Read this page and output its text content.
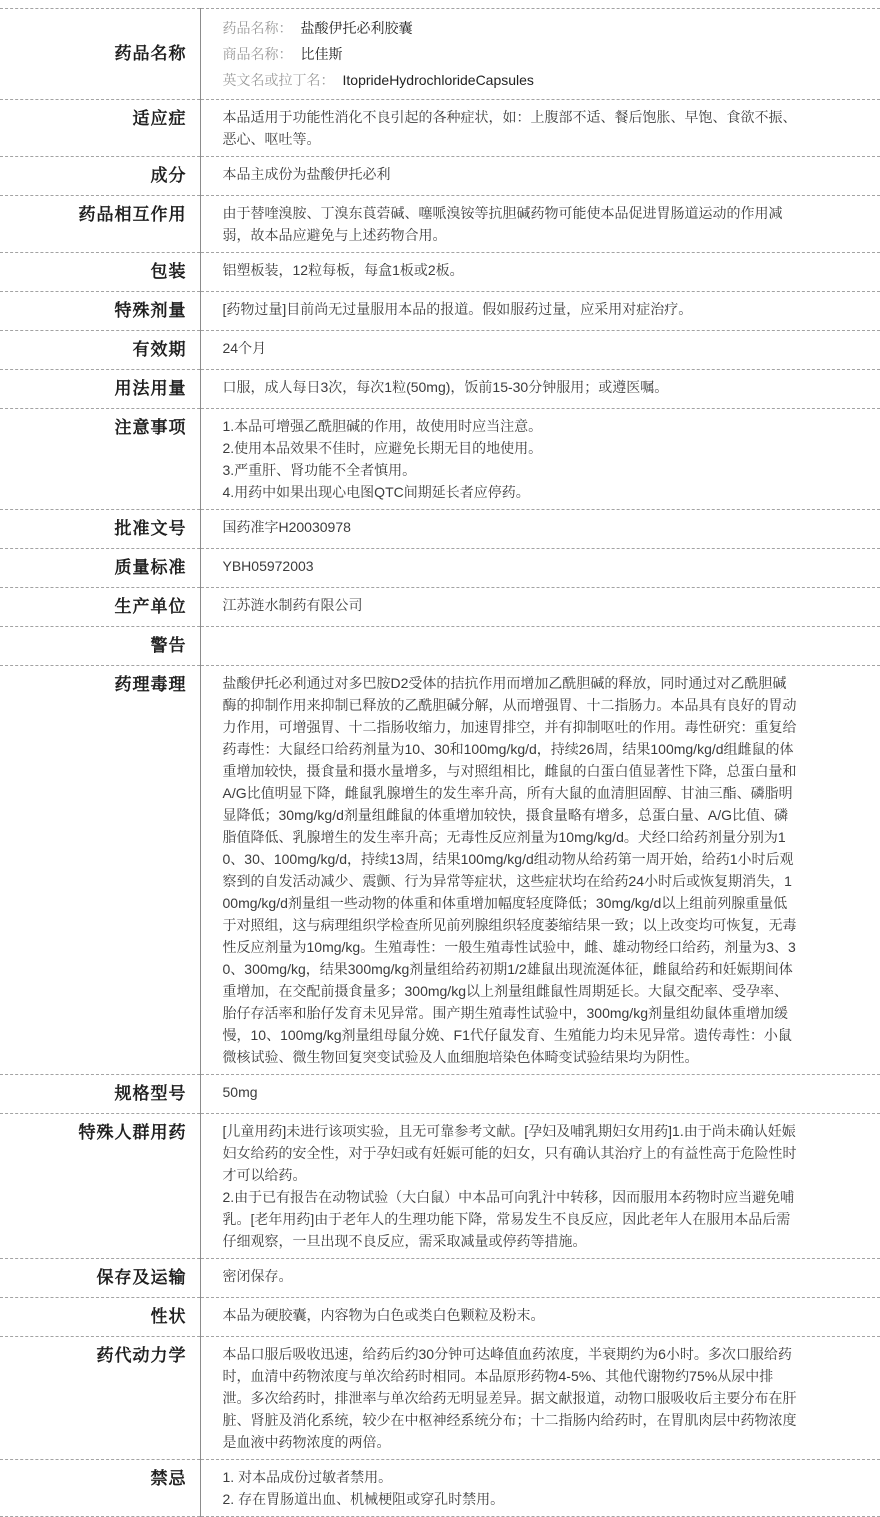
药品名称	药品名称： 盐酸伊托必利胶囊
商品名称： 比佳斯
英文名或拉丁名： ItoprideHydrochlorideCapsules

适应症	本品适用于功能性消化不良引起的各种症状，如：上腹部不适、餐后饱胀、早饱、食欲不振、恶心、呕吐等。

成分	本品主成份为盐酸伊托必利

药品相互作用	由于替喹溴胺、丁溴东莨菪碱、噻哌溴铵等抗胆碱药物可能使本品促进胃肠道运动的作用减弱，故本品应避免与上述药物合用。

包装	铝塑板装，12粒每板，每盒1板或2板。

特殊剂量	[药物过量]目前尚无过量服用本品的报道。假如服药过量，应采用对症治疗。

有效期	24个月

用法用量	口服，成人每日3次，每次1粒(50mg)，饭前15-30分钟服用；或遵医嘱。

注意事项	1.本品可增强乙酰胆碱的作用，故使用时应当注意。
2.使用本品效果不佳时，应避免长期无目的地使用。
3.严重肝、肾功能不全者慎用。
4.用药中如果出现心电图QTC间期延长者应停药。

批准文号	国药准字H20030978

质量标准	YBH05972003

生产单位	江苏涟水制药有限公司

警告	
药理毒理	盐酸伊托必利通过对多巴胺D2受体的拮抗作用而增加乙酰胆碱的释放，同时通过对乙酰胆碱酶的抑制作用来抑制已释放的乙酰胆碱分解，从而增强胃、十二指肠力。本品具有良好的胃动力作用，可增强胃、十二指肠收缩力，加速胃排空，并有抑制呕吐的作用。毒性研究：重复给药毒性：大鼠经口给药剂量为10、30和100mg/kg/d，持续26周，结果100mg/kg/d组雌鼠的体重增加较快，摄食量和摄水量增多，与对照组相比，雌鼠的白蛋白值显著性下降，总蛋白量和A/G比值明显下降，雌鼠乳腺增生的发生率升高，所有大鼠的血清胆固醇、甘油三酯、磷脂明显降低；30mg/kg/d剂量组雌鼠的体重增加较快，摄食量略有增多，总蛋白量、A/G比值、磷脂值降低、乳腺增生的发生率升高；无毒性反应剂量为10mg/kg/d。犬经口给药剂量分别为10、30、100mg/kg/d，持续13周，结果100mg/kg/d组动物从给药第一周开始，给药1小时后观察到的自发活动减少、震颤、行为异常等症状，这些症状均在给药24小时后或恢复期消失，100mg/kg/d剂量组一些动物的体重和体重增加幅度轻度降低；30mg/kg/d以上组前列腺重量低于对照组，这与病理组织学检查所见前列腺组织轻度萎缩结果一致；以上改变均可恢复，无毒性反应剂量为10mg/kg。生殖毒性：一般生殖毒性试验中，雌、雄动物经口给药，剂量为3、30、300mg/kg，结果300mg/kg剂量组给药初期1/2雄鼠出现流涎体征，雌鼠给药和妊娠期间体重增加，在交配前摄食量多；300mg/kg以上剂量组雌鼠性周期延长。大鼠交配率、受孕率、胎仔存活率和胎仔发育未见异常。围产期生殖毒性试验中，300mg/kg剂量组幼鼠体重增加缓慢，10、100mg/kg剂量组母鼠分娩、F1代仔鼠发育、生殖能力均未见异常。遗传毒性：小鼠微核试验、微生物回复突变试验及人血细胞培染色体畸变试验结果均为阴性。

规格型号	50mg

特殊人群用药	[儿童用药]未进行该项实验，且无可靠参考文献。[孕妇及哺乳期妇女用药]1.由于尚未确认妊娠妇女给药的安全性，对于孕妇或有妊娠可能的妇女，只有确认其治疗上的有益性高于危险性时才可以给药。
2.由于已有报告在动物试验（大白鼠）中本品可向乳汁中转移，因而服用本药物时应当避免哺乳。[老年用药]由于老年人的生理功能下降，常易发生不良反应，因此老年人在服用本品后需仔细观察，一旦出现不良反应，需采取减量或停药等措施。

保存及运输	密闭保存。

性状	本品为硬胶囊，内容物为白色或类白色颗粒及粉末。

药代动力学	本品口服后吸收迅速，给药后约30分钟可达峰值血药浓度，半衰期约为6小时。多次口服给药时，血清中药物浓度与单次给药时相同。本品原形药物4-5%、其他代谢物约75%从尿中排泄。多次给药时，排泄率与单次给药无明显差异。据文献报道，动物口服吸收后主要分布在肝脏、肾脏及消化系统，较少在中枢神经系统分布；十二指肠内给药时，在胃肌肉层中药物浓度是血液中药物浓度的两倍。

禁忌	1. 对本品成份过敏者禁用。
2. 存在胃肠道出血、机械梗阻或穿孔时禁用。
